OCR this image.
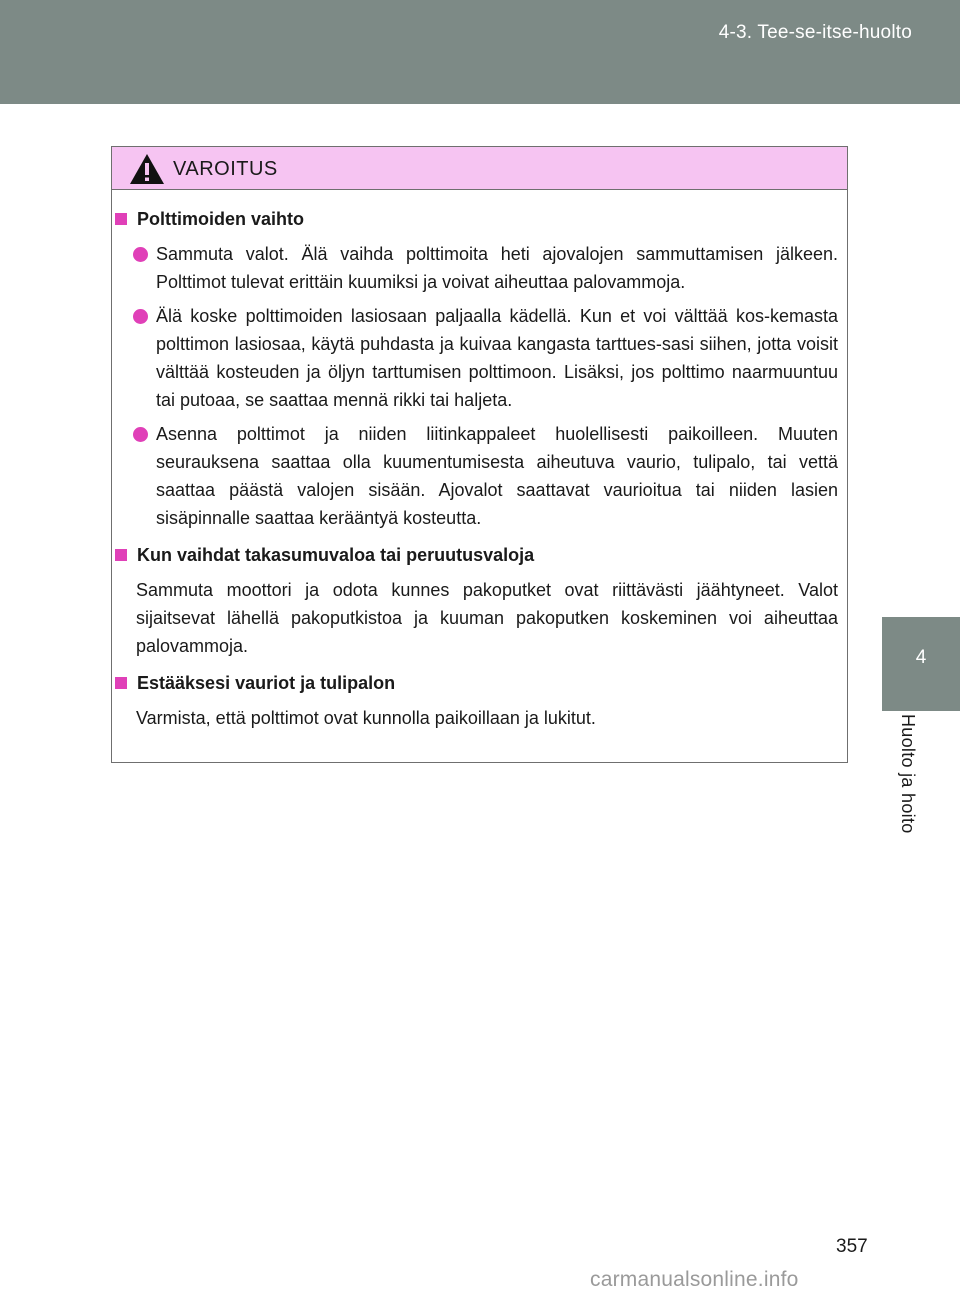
4-3. Tee-se-itse-huolto
4
Huolto ja hoito
VAROITUS
Polttimoiden vaihto
Sammuta valot. Älä vaihda polttimoita heti ajovalojen sammuttamisen jälkeen. Polttimot tulevat erittäin kuumiksi ja voivat aiheuttaa palovammoja.
Älä koske polttimoiden lasiosaan paljaalla kädellä. Kun et voi välttää kos-kemasta polttimon lasiosaa, käytä puhdasta ja kuivaa kangasta tarttues-sasi siihen, jotta voisit välttää kosteuden ja öljyn tarttumisen polttimoon. Lisäksi, jos polttimo naarmuuntuu tai putoaa, se saattaa mennä rikki tai haljeta.
Asenna polttimot ja niiden liitinkappaleet huolellisesti paikoilleen. Muuten seurauksena saattaa olla kuumentumisesta aiheutuva vaurio, tulipalo, tai vettä saattaa päästä valojen sisään. Ajovalot saattavat vaurioitua tai niiden lasien sisäpinnalle saattaa kerääntyä kosteutta.
Kun vaihdat takasumuvaloa tai peruutusvaloja
Sammuta moottori ja odota kunnes pakoputket ovat riittävästi jäähtyneet. Valot sijaitsevat lähellä pakoputkistoa ja kuuman pakoputken koskeminen voi aiheuttaa palovammoja.
Estääksesi vauriot ja tulipalon
Varmista, että polttimot ovat kunnolla paikoillaan ja lukitut.
357
carmanualsonline.info
